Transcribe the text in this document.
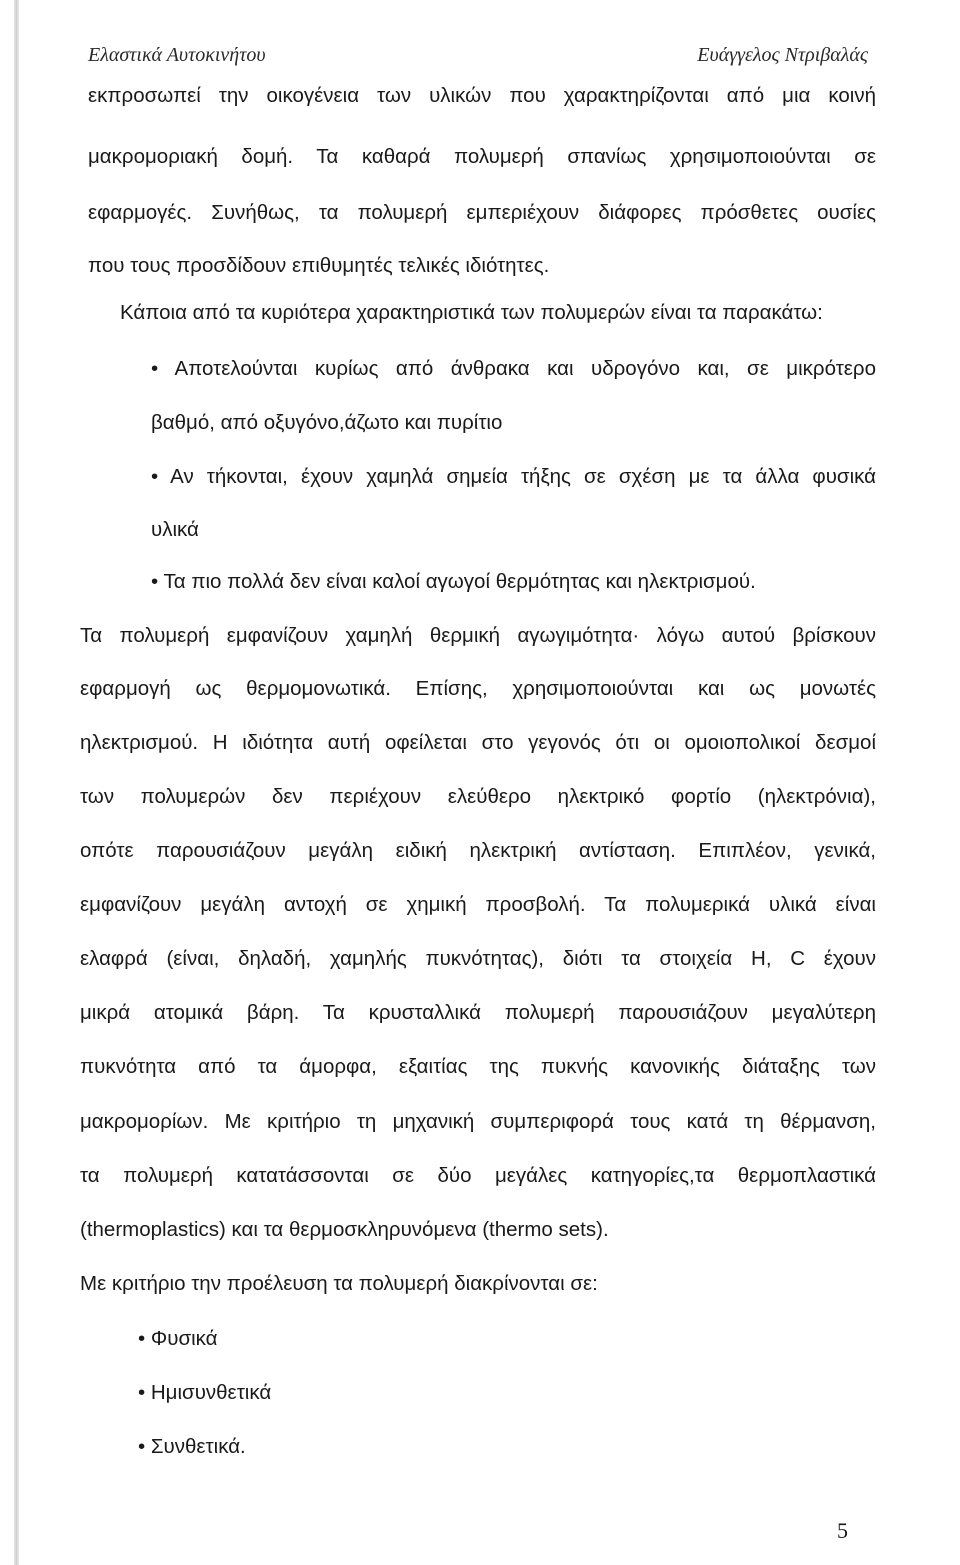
Ελαστικά Αυτοκινήτου	Ευάγγελος Ντριβαλάς
εκπροσωπεί την οικογένεια των υλικών που χαρακτηρίζονται από μια κοινή
μακρομοριακή δομή. Τα καθαρά πολυμερή σπανίως χρησιμοποιούνται σε
εφαρμογές. Συνήθως, τα πολυμερή εμπεριέχουν διάφορες πρόσθετες ουσίες
που τους προσδίδουν επιθυμητές τελικές ιδιότητες.
Κάποια από τα κυριότερα χαρακτηριστικά των πολυμερών είναι τα παρακάτω:
• Αποτελούνται κυρίως από άνθρακα και υδρογόνο και, σε μικρότερο
βαθμό, από οξυγόνο,άζωτο και πυρίτιο
• Αν τήκονται, έχουν χαμηλά σημεία τήξης σε σχέση με τα άλλα φυσικά
υλικά
• Τα πιο πολλά δεν είναι καλοί αγωγοί θερμότητας και ηλεκτρισμού.
Τα πολυμερή εμφανίζουν χαμηλή θερμική αγωγιμότητα· λόγω αυτού βρίσκουν
εφαρμογή ως θερμομονωτικά. Επίσης, χρησιμοποιούνται και ως μονωτές
ηλεκτρισμού. Η ιδιότητα αυτή οφείλεται στο γεγονός ότι οι ομοιοπολικοί δεσμοί
των πολυμερών δεν περιέχουν ελεύθερο ηλεκτρικό φορτίο (ηλεκτρόνια),
οπότε παρουσιάζουν μεγάλη ειδική ηλεκτρική αντίσταση. Επιπλέον, γενικά,
εμφανίζουν μεγάλη αντοχή σε χημική προσβολή. Τα πολυμερικά υλικά είναι
ελαφρά (είναι, δηλαδή, χαμηλής πυκνότητας), διότι τα στοιχεία Η, C έχουν
μικρά ατομικά βάρη. Τα κρυσταλλικά πολυμερή παρουσιάζουν μεγαλύτερη
πυκνότητα από τα άμορφα, εξαιτίας της πυκνής κανονικής διάταξης των
μακρομορίων. Με κριτήριο τη μηχανική συμπεριφορά τους κατά τη θέρμανση,
τα πολυμερή κατατάσσονται σε δύο μεγάλες κατηγορίες,τα θερμοπλαστικά
(thermoplastics) και τα θερμοσκληρυνόμενα (thermo sets).
Με κριτήριο την προέλευση τα πολυμερή διακρίνονται σε:
• Φυσικά
• Ημισυνθετικά
• Συνθετικά.
5
